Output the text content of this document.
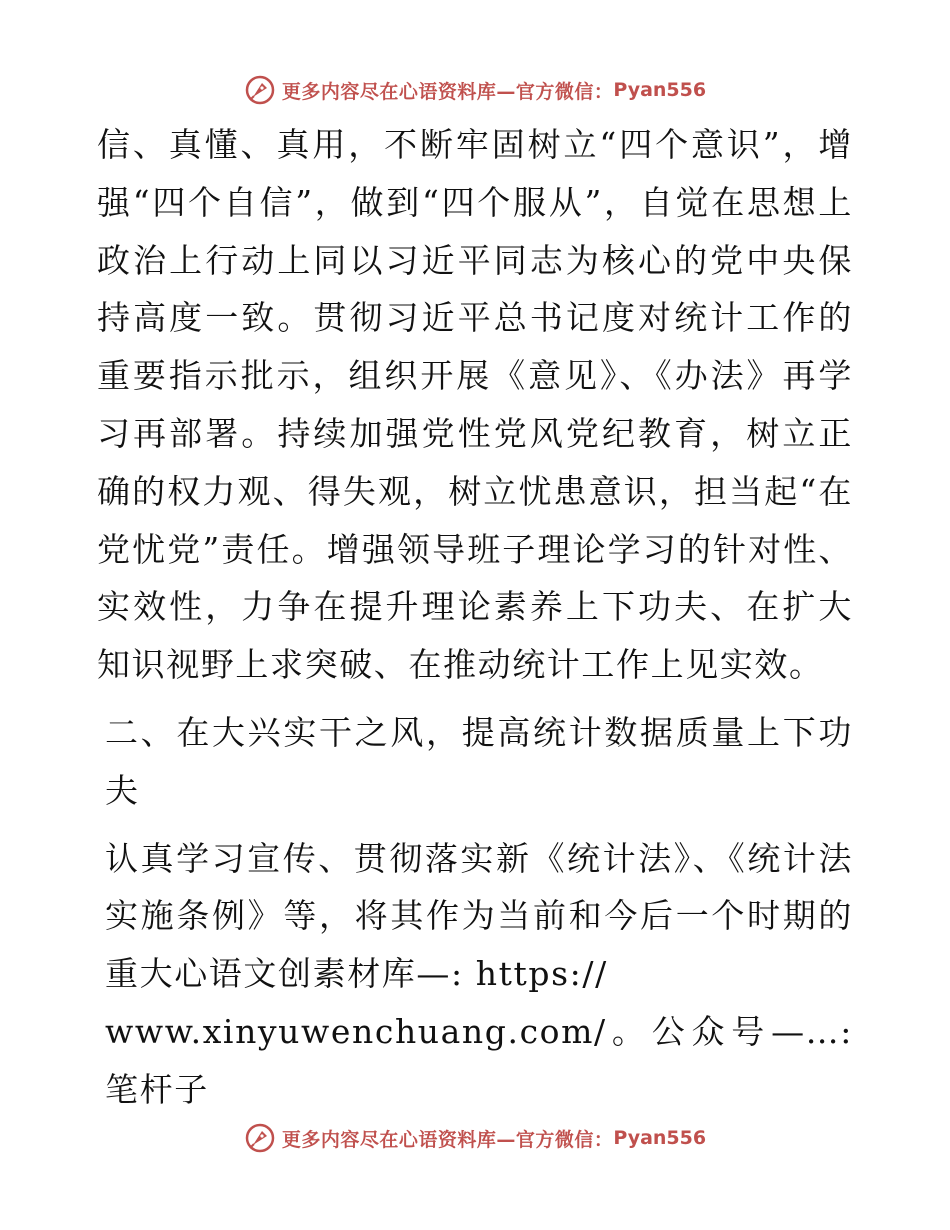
更多内容尽在心语资料库—官方微信： Pyan556

信、真懂、真用，不断牢固树立“四个意识”，增强“四个自信”，做到“四个服从”，自觉在思想上政治上行动上同以习近平同志为核心的党中央保持高度一致。贯彻习近平总书记度对统计工作的重要指示批示，组织开展《意见》、《办法》再学习再部署。持续加强党性党风党纪教育，树立正确的权力观、得失观，树立忧患意识，担当起“在党忧党”责任。增强领导班子理论学习的针对性、实效性，力争在提升理论素养上下功夫、在扩大知识视野上求突破、在推动统计工作上见实效。

二、在大兴实干之风，提高统计数据质量上下功夫

认真学习宣传、贯彻落实新《统计法》、《统计法实施条例》等，将其作为当前和今后一个时期的重大心语文创素材库—: https://
www.xinyuwenchuang.com/。公众号—…: 笔杆子

更多内容尽在心语资料库—官方微信： Pyan556
